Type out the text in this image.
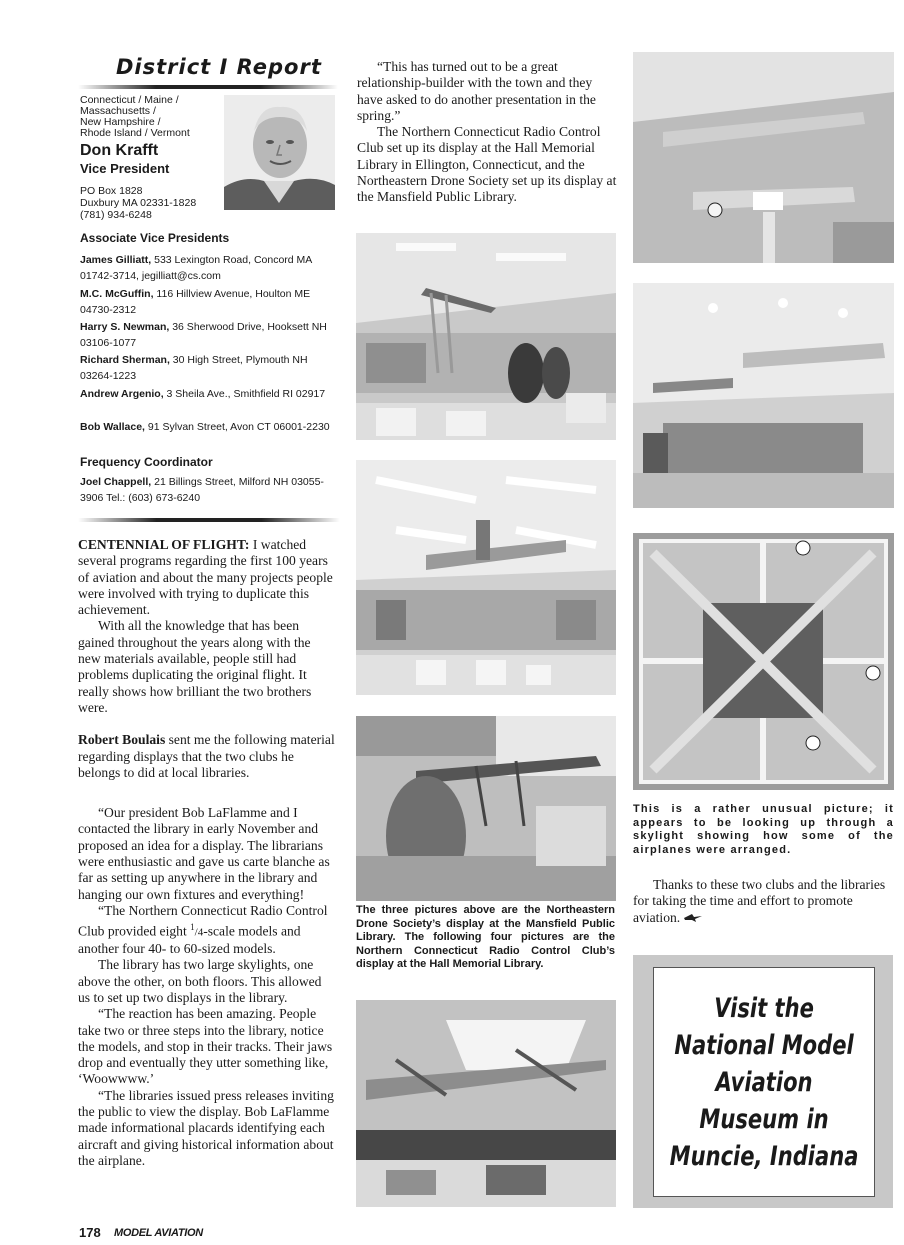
District I Report
Connecticut / Maine /
Massachusetts /
New Hampshire /
Rhode Island / Vermont
Don Krafft
Vice President
PO Box 1828
Duxbury MA 02331-1828
(781) 934-6248
Associate Vice Presidents
James Gilliatt, 533 Lexington Road, Concord MA 01742-3714, jegilliatt@cs.com
M.C. McGuffin, 116 Hillview Avenue, Houlton ME 04730-2312
Harry S. Newman, 36 Sherwood Drive, Hooksett NH 03106-1077
Richard Sherman, 30 High Street, Plymouth NH 03264-1223
Andrew Argenio, 3 Sheila Ave., Smithfield RI 02917
Bob Wallace, 91 Sylvan Street, Avon CT 06001-2230
Frequency Coordinator
Joel Chappell, 21 Billings Street, Milford NH 03055-3906 Tel.: (603) 673-6240

CENTENNIAL OF FLIGHT: I watched several programs regarding the first 100 years of aviation and about the many projects people were involved with trying to duplicate this achievement.

With all the knowledge that has been gained throughout the years along with the new materials available, people still had problems duplicating the original flight. It really shows how brilliant the two brothers were.

Robert Boulais sent me the following material regarding displays that the two clubs he belongs to did at local libraries.

“Our president Bob LaFlamme and I contacted the library in early November and proposed an idea for a display. The librarians were enthusiastic and gave us carte blanche as far as setting up anywhere in the library and hanging our own fixtures and everything!

“The Northern Connecticut Radio Control Club provided eight $^1$/4-scale models and another four 40- to 60-sized models.

The library has two large skylights, one above the other, on both floors. This allowed us to set up two displays in the library.

“The reaction has been amazing. People take two or three steps into the library, notice the models, and stop in their tracks. Their jaws drop and eventually they utter something like, ‘Woowwww.’

“The libraries issued press releases inviting the public to view the display. Bob LaFlamme made informational placards identifying each aircraft and giving historical information about the airplane.

“This has turned out to be a great relationship-builder with the town and they have asked to do another presentation in the spring.”

The Northern Connecticut Radio Control Club set up its display at the Hall Memorial Library in Ellington, Connecticut, and the Northeastern Drone Society set up its display at the Mansfield Public Library.

The three pictures above are the Northeastern Drone Society’s display at the Mansfield Public Library. The following four pictures are the Northern Connecticut Radio Control Club’s display at the Hall Memorial Library.
This is a rather unusual picture; it appears to be looking up through a skylight showing how some of the airplanes were arranged.

Thanks to these two clubs and the libraries for taking the time and effort to promote aviation.

Visit the
National Model
Aviation
Museum in
Muncie, Indiana
178 MODEL AVIATION
